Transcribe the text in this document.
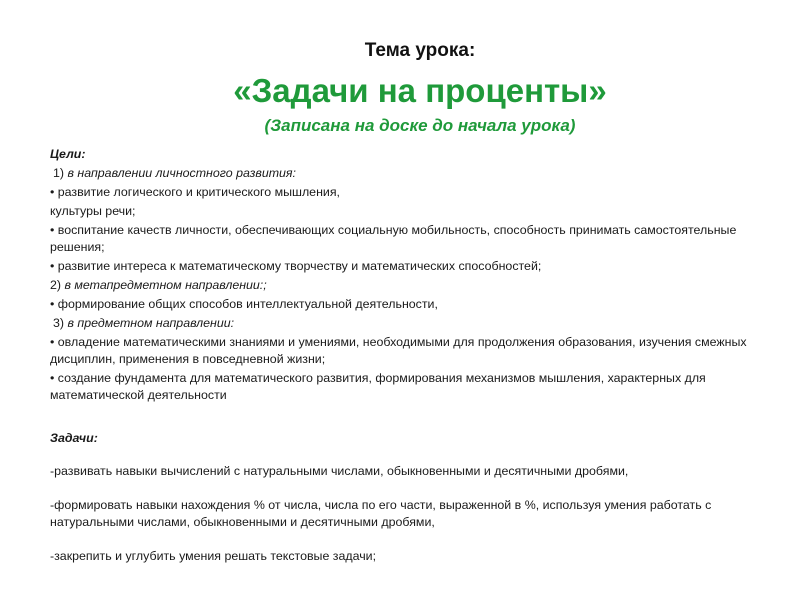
Тема урока:
«Задачи на проценты»
(Записана на доске до начала урока)

Цели:

1) в направлении личностного развития:

• развитие логического и критического мышления,

культуры речи;

• воспитание качеств личности, обеспечивающих социальную мобильность, способность принимать самостоятельные решения;

• развитие интереса к математическому творчеству и математических способностей;

2) в метапредметном направлении:;

• формирование общих способов интеллектуальной деятельности,

3) в предметном направлении:

• овладение математическими знаниями и умениями, необходимыми для продолжения образования, изучения смежных дисциплин, применения в повседневной жизни;

• создание фундамента для математического развития, формирования механизмов мышления, характерных для математической деятельности

Задачи:

-развивать навыки вычислений с натуральными числами, обыкновенными и десятичными дробями,

-формировать навыки нахождения % от числа, числа по его части, выраженной в %, используя умения работать с натуральными числами, обыкновенными и десятичными дробями,

-закрепить и углубить умения решать текстовые задачи;
